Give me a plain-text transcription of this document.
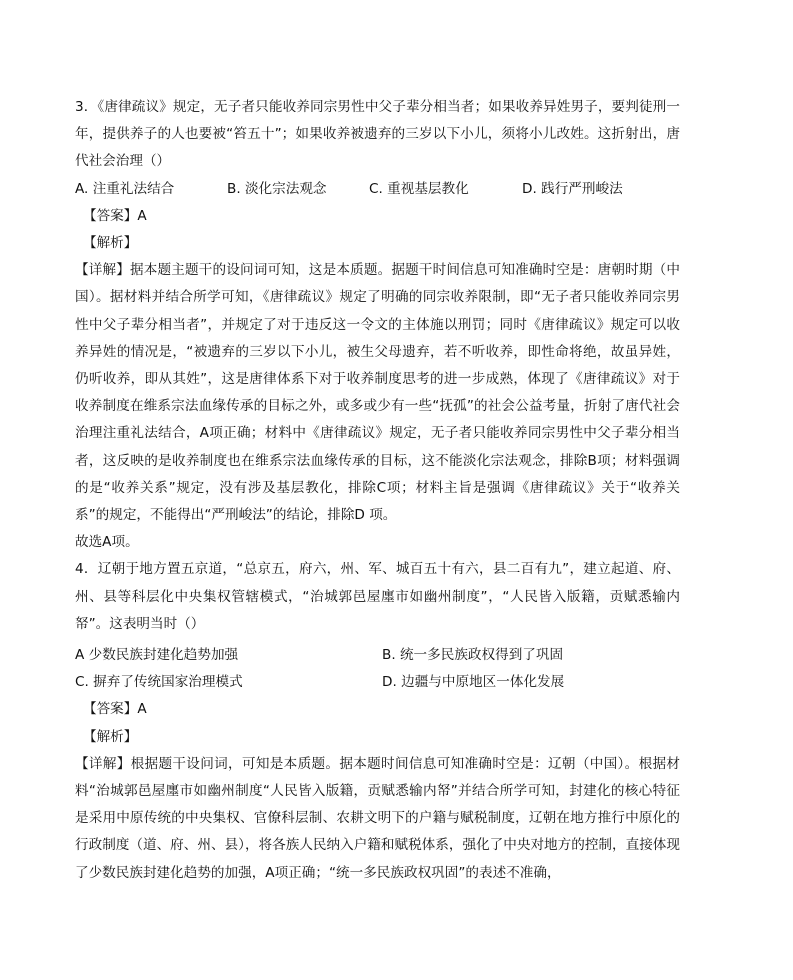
3．《唐律疏议》规定，无子者只能收养同宗男性中父子辈分相当者；如果收养异姓男子，要判徒刑一年，提供养子的人也要被“笞五十”；如果收养被遗弃的三岁以下小儿，须将小儿改姓。这折射出，唐代社会治理（）

A. 注重礼法结合	B. 淡化宗法观念	C. 重视基层教化	D. 践行严刑峻法

【答案】A

【解析】

【详解】据本题主题干的设问词可知，这是本质题。据题干时间信息可知准确时空是：唐朝时期（中国）。据材料并结合所学可知，《唐律疏议》规定了明确的同宗收养限制，即“无子者只能收养同宗男性中父子辈分相当者”，并规定了对于违反这一令文的主体施以刑罚；同时《唐律疏议》规定可以收养异姓的情况是，“被遗弃的三岁以下小儿，被生父母遗弃，若不听收养，即性命将绝，故虽异姓，仍听收养，即从其姓”，这是唐律体系下对于收养制度思考的进一步成熟，体现了《唐律疏议》对于收养制度在维系宗法血缘传承的目标之外，或多或少有一些“抚孤”的社会公益考量，折射了唐代社会治理注重礼法结合，A项正确；材料中《唐律疏议》规定，无子者只能收养同宗男性中父子辈分相当者，这反映的是收养制度也在维系宗法血缘传承的目标，这不能淡化宗法观念，排除B项；材料强调的是“收养关系”规定，没有涉及基层教化，排除C项；材料主旨是强调《唐律疏议》关于“收养关系”的规定，不能得出“严刑峻法”的结论，排除D 项。

故选A项。

4．辽朝于地方置五京道，“总京五，府六，州、军、城百五十有六，县二百有九”，建立起道、府、州、县等科层化中央集权管辖模式，“治城郭邑屋廛市如幽州制度”，“人民皆入版籍，贡赋悉输内帑”。这表明当时（）

A 少数民族封建化趋势加强	B. 统一多民族政权得到了巩固
C. 摒弃了传统国家治理模式	D. 边疆与中原地区一体化发展

【答案】A

【解析】

【详解】根据题干设问词，可知是本质题。据本题时间信息可知准确时空是：辽朝（中国）。根据材料“治城郭邑屋廛市如幽州制度“人民皆入版籍，贡赋悉输内帑”并结合所学可知，封建化的核心特征是采用中原传统的中央集权、官僚科层制、农耕文明下的户籍与赋税制度，辽朝在地方推行中原化的行政制度（道、府、州、县），将各族人民纳入户籍和赋税体系，强化了中央对地方的控制，直接体现了少数民族封建化趋势的加强，A项正确；“统一多民族政权巩固”的表述不准确，
